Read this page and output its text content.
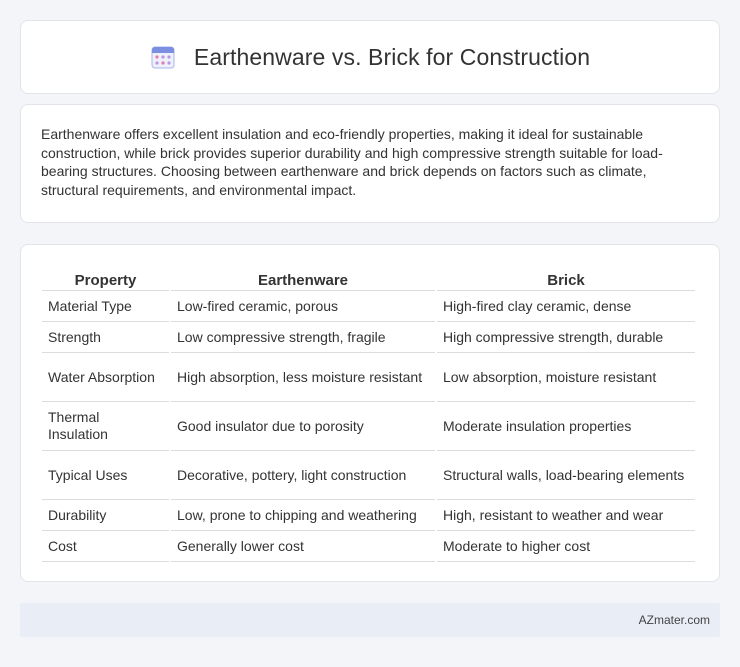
Earthenware vs. Brick for Construction

Earthenware offers excellent insulation and eco-friendly properties, making it ideal for sustainable construction, while brick provides superior durability and high compressive strength suitable for load-bearing structures. Choosing between earthenware and brick depends on factors such as climate, structural requirements, and environmental impact.

Property	Earthenware	Brick
Material Type	Low-fired ceramic, porous	High-fired clay ceramic, dense
Strength	Low compressive strength, fragile	High compressive strength, durable
Water Absorption	High absorption, less moisture resistant	Low absorption, moisture resistant
Thermal Insulation	Good insulator due to porosity	Moderate insulation properties
Typical Uses	Decorative, pottery, light construction	Structural walls, load-bearing elements
Durability	Low, prone to chipping and weathering	High, resistant to weather and wear
Cost	Generally lower cost	Moderate to higher cost
AZmater.com
